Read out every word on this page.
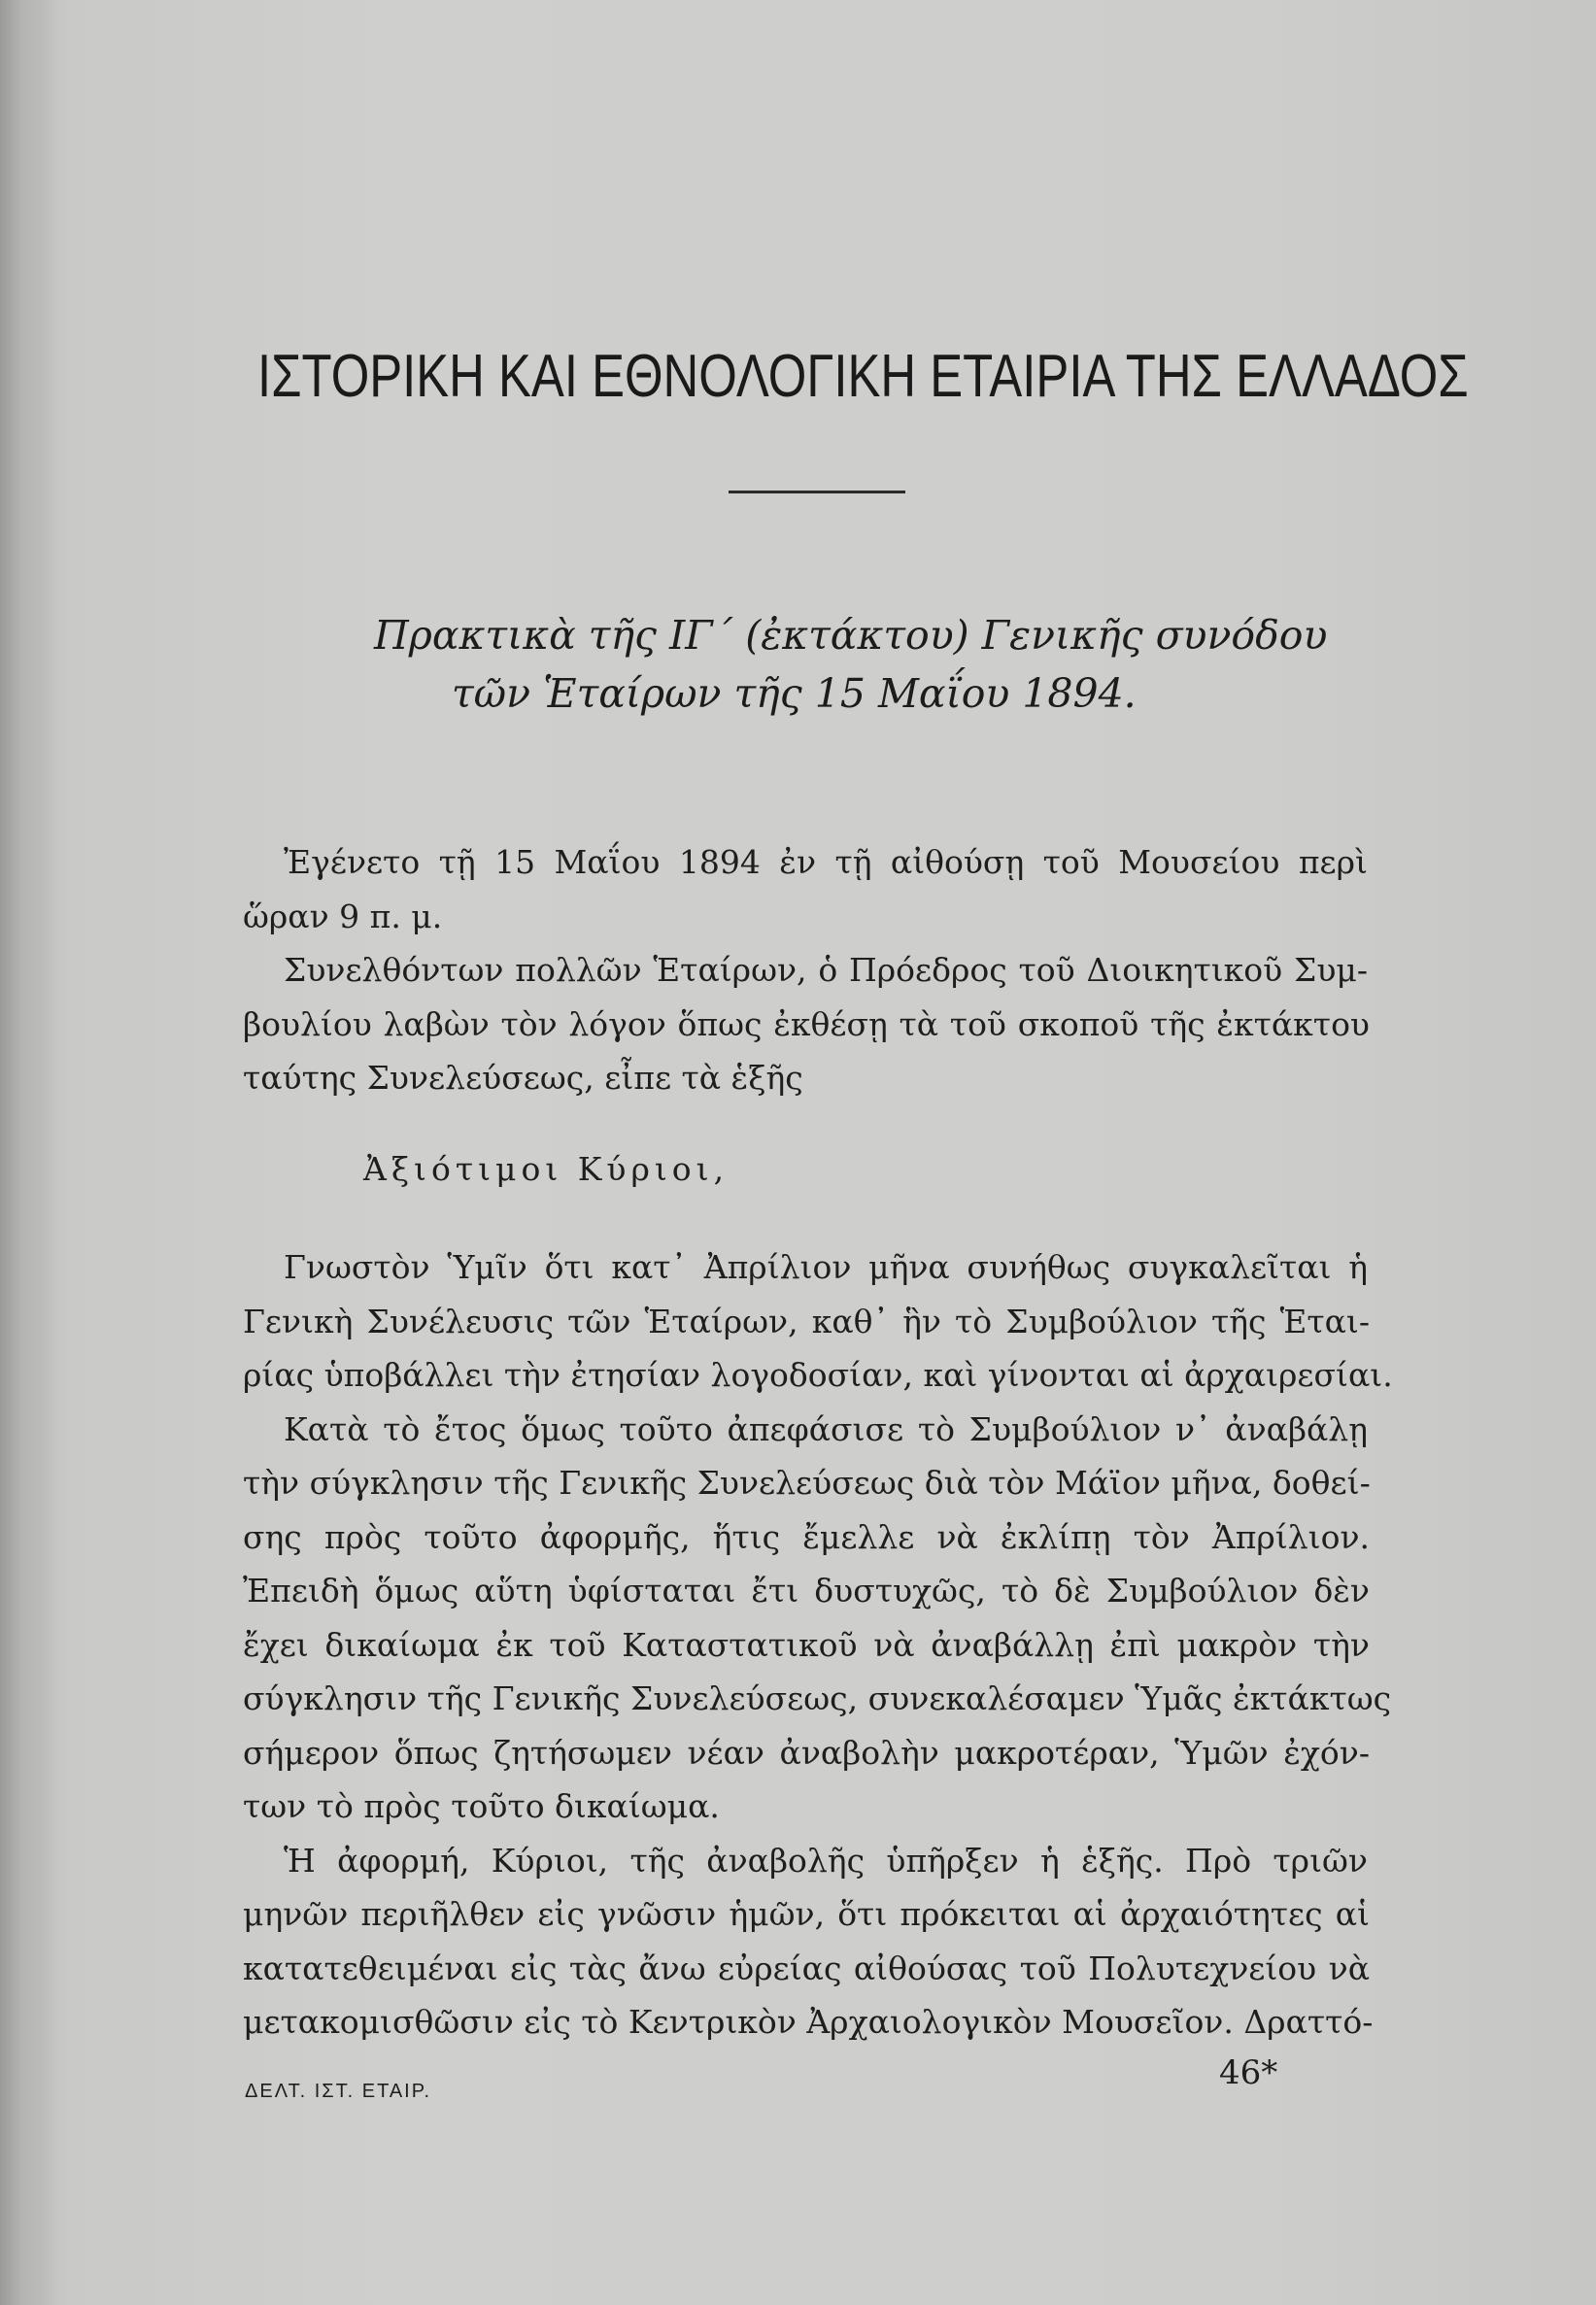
ΙΣΤΟΡΙΚΗ ΚΑΙ ΕΘΝΟΛΟΓΙΚΗ ΕΤΑΙΡΙΑ ΤΗΣ ΕΛΛΑΔΟΣ
Πρακτικὰ τῆς ΙΓ΄ (ἐκτάκτου) Γενικῆς συνόδου
τῶν Ἑταίρων τῆς 15 Μαΐου 1894.
Ἐγένετο τῇ 15 Μαΐου 1894 ἐν τῇ αἰθούσῃ τοῦ Μουσείου περὶ
ὥραν 9 π. μ.
Συνελθόντων πολλῶν Ἑταίρων, ὁ Πρόεδρος τοῦ Διοικητικοῦ Συμ-
βουλίου λαβὼν τὸν λόγον ὅπως ἐκθέσῃ τὰ τοῦ σκοποῦ τῆς ἐκτάκτου
ταύτης Συνελεύσεως, εἶπε τὰ ἑξῆς
Ἀξιότιμοι Κύριοι,
Γνωστὸν Ὑμῖν ὅτι κατ᾽ Ἀπρίλιον μῆνα συνήθως συγκαλεῖται ἡ
Γενικὴ Συνέλευσις τῶν Ἑταίρων, καθ᾽ ἣν τὸ Συμβούλιον τῆς Ἑται-
ρίας ὑποβάλλει τὴν ἐτησίαν λογοδοσίαν, καὶ γίνονται αἱ ἀρχαιρεσίαι.
Κατὰ τὸ ἔτος ὅμως τοῦτο ἀπεφάσισε τὸ Συμβούλιον ν᾽ ἀναβάλῃ
τὴν σύγκλησιν τῆς Γενικῆς Συνελεύσεως διὰ τὸν Μάϊον μῆνα, δοθεί-
σης πρὸς τοῦτο ἀφορμῆς, ἥτις ἔμελλε νὰ ἐκλίπῃ τὸν Ἀπρίλιον.
Ἐπειδὴ ὅμως αὕτη ὑφίσταται ἔτι δυστυχῶς, τὸ δὲ Συμβούλιον δὲν
ἔχει δικαίωμα ἐκ τοῦ Καταστατικοῦ νὰ ἀναβάλλῃ ἐπὶ μακρὸν τὴν
σύγκλησιν τῆς Γενικῆς Συνελεύσεως, συνεκαλέσαμεν Ὑμᾶς ἐκτάκτως
σήμερον ὅπως ζητήσωμεν νέαν ἀναβολὴν μακροτέραν, Ὑμῶν ἐχόν-
των τὸ πρὸς τοῦτο δικαίωμα.
Ἡ ἀφορμή, Κύριοι, τῆς ἀναβολῆς ὑπῆρξεν ἡ ἑξῆς. Πρὸ τριῶν
μηνῶν περιῆλθεν εἰς γνῶσιν ἡμῶν, ὅτι πρόκειται αἱ ἀρχαιότητες αἱ
κατατεθειμέναι εἰς τὰς ἄνω εὐρείας αἰθούσας τοῦ Πολυτεχνείου νὰ
μετακομισθῶσιν εἰς τὸ Κεντρικὸν Ἀρχαιολογικὸν Μουσεῖον. Δραττό-
ΔΕΛΤ. ΙΣΤ. ΕΤΑΙΡ.	46*
